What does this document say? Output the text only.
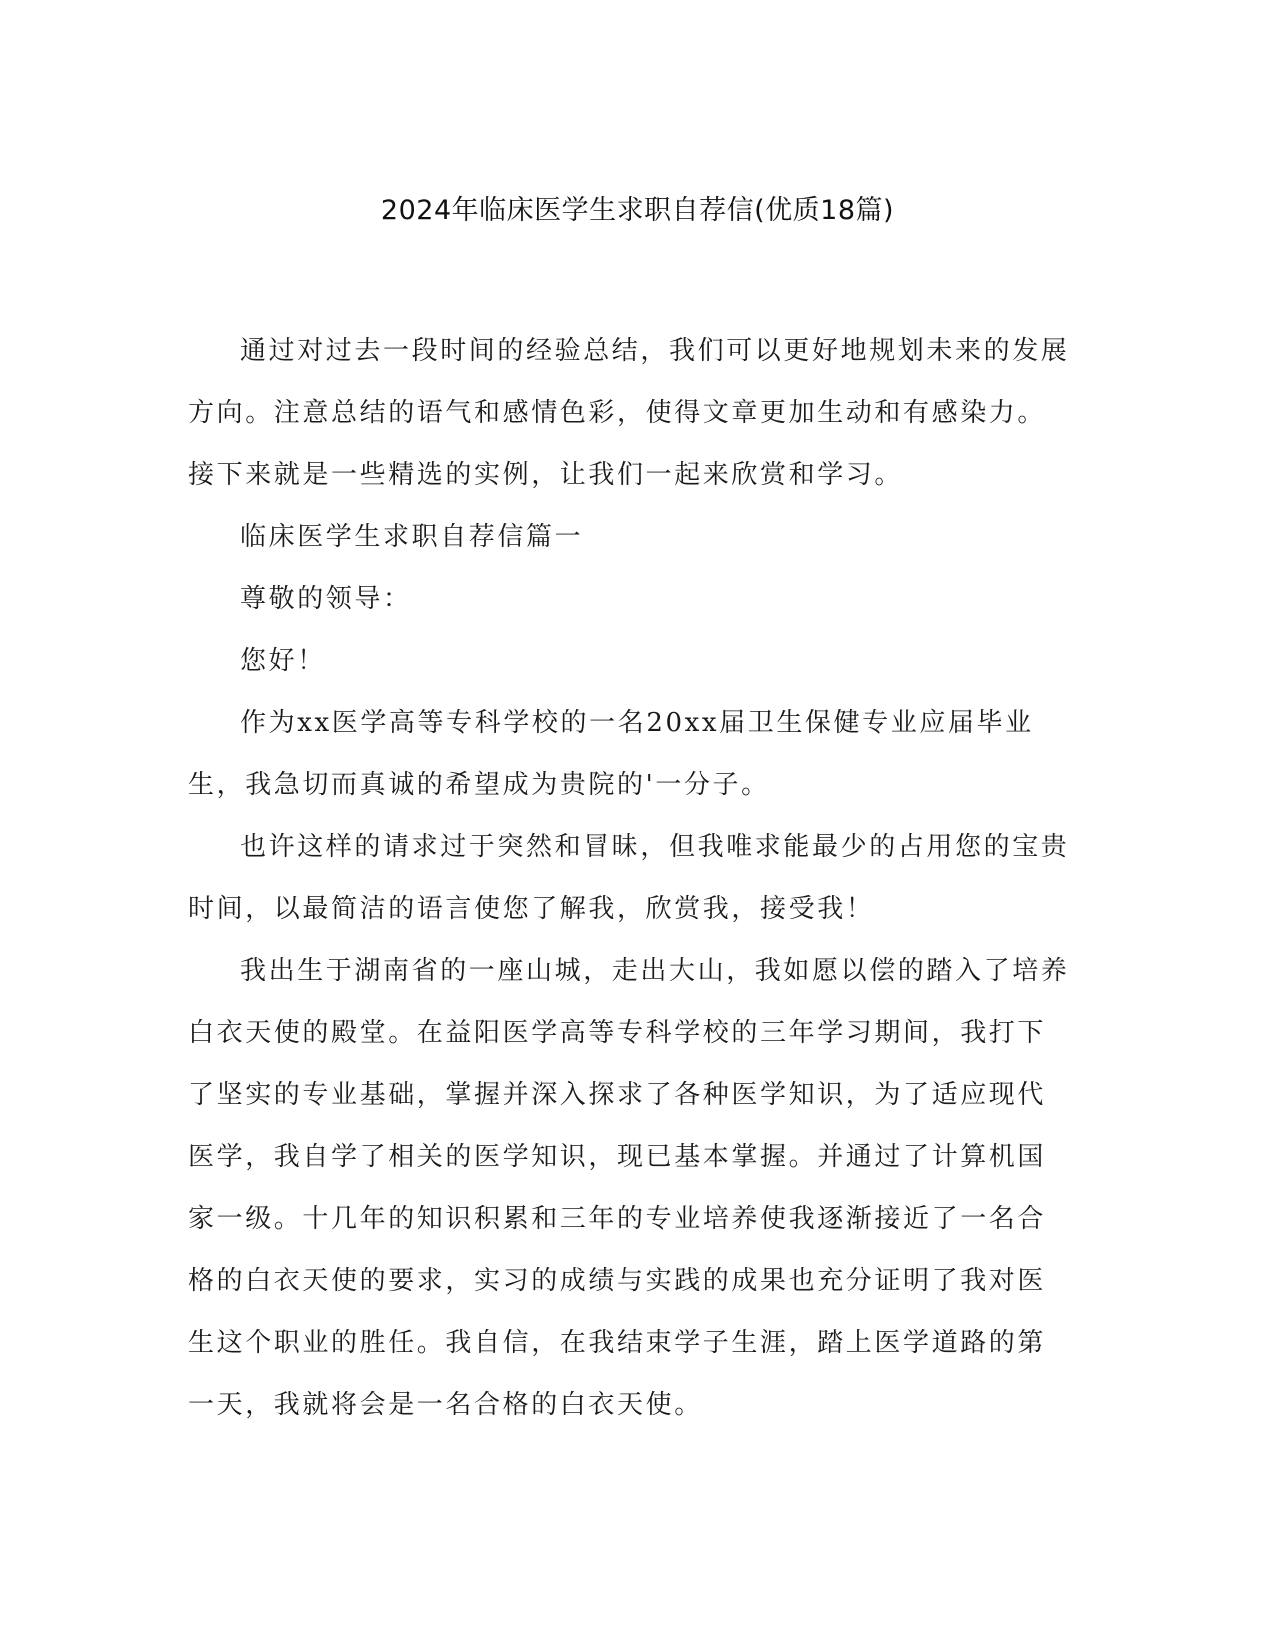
2024年临床医学生求职自荐信(优质18篇)

通过对过去一段时间的经验总结，我们可以更好地规划未来的发展方向。注意总结的语气和感情色彩，使得文章更加生动和有感染力。接下来就是一些精选的实例，让我们一起来欣赏和学习。

临床医学生求职自荐信篇一

尊敬的领导：

您好！

作为xx医学高等专科学校的一名20xx届卫生保健专业应届毕业生，我急切而真诚的希望成为贵院的'一分子。

也许这样的请求过于突然和冒昧，但我唯求能最少的占用您的宝贵时间，以最简洁的语言使您了解我，欣赏我，接受我！

我出生于湖南省的一座山城，走出大山，我如愿以偿的踏入了培养白衣天使的殿堂。在益阳医学高等专科学校的三年学习期间，我打下了坚实的专业基础，掌握并深入探求了各种医学知识，为了适应现代医学，我自学了相关的医学知识，现已基本掌握。并通过了计算机国家一级。十几年的知识积累和三年的专业培养使我逐渐接近了一名合格的白衣天使的要求，实习的成绩与实践的成果也充分证明了我对医生这个职业的胜任。我自信，在我结束学子生涯，踏上医学道路的第一天，我就将会是一名合格的白衣天使。
